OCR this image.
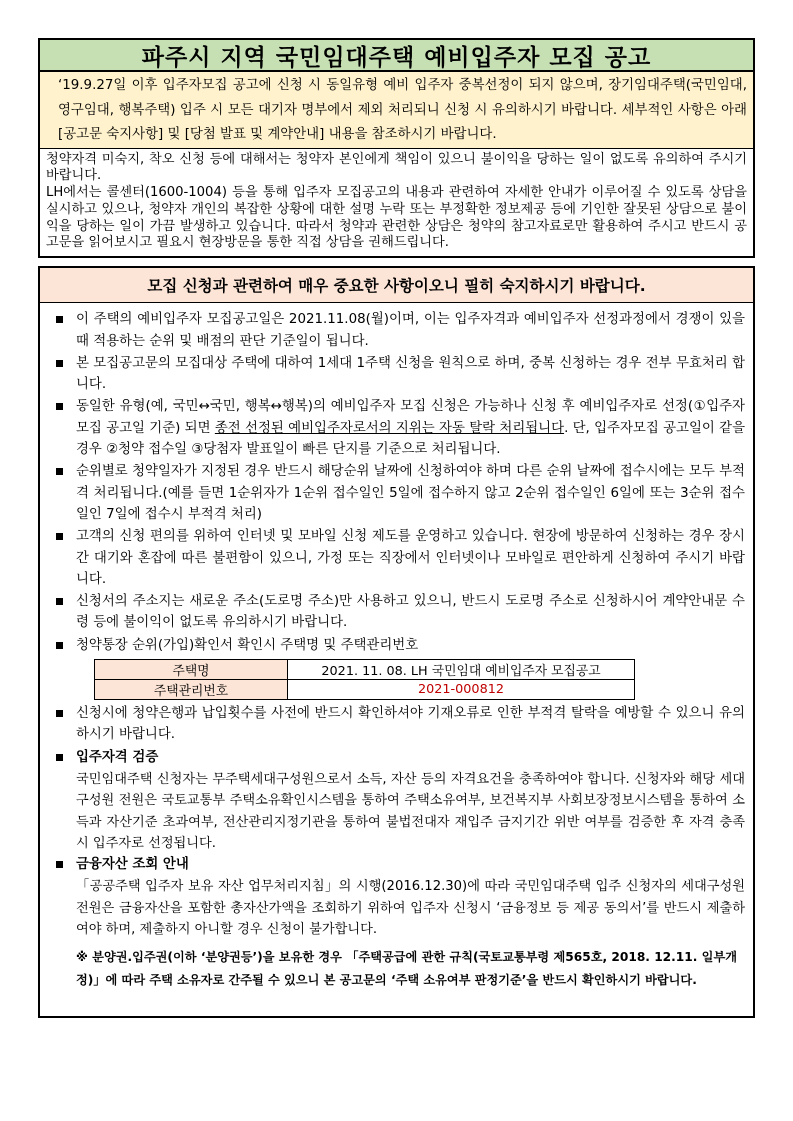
파주시 지역 국민임대주택 예비입주자 모집 공고
‘19.9.27일 이후 입주자모집 공고에 신청 시 동일유형 예비 입주자 중복선정이 되지 않으며, 장기임대주택(국민임대, 영구임대, 행복주택) 입주 시 모든 대기자 명부에서 제외 처리되니 신청 시 유의하시기 바랍니다. 세부적인 사항은 아래 [공고문 숙지사항] 및 [당첨 발표 및 계약안내] 내용을 참조하시기 바랍니다.
청약자격 미숙지, 착오 신청 등에 대해서는 청약자 본인에게 책임이 있으니 불이익을 당하는 일이 없도록 유의하여 주시기 바랍니다.
LH에서는 콜센터(1600-1004) 등을 통해 입주자 모집공고의 내용과 관련하여 자세한 안내가 이루어질 수 있도록 상담을 실시하고 있으나, 청약자 개인의 복잡한 상황에 대한 설명 누락 또는 부정확한 정보제공 등에 기인한 잘못된 상담으로 불이익을 당하는 일이 가끔 발생하고 있습니다. 따라서 청약과 관련한 상담은 청약의 참고자료로만 활용하여 주시고 반드시 공고문을 읽어보시고 필요시 현장방문을 통한 직접 상담을 권해드립니다.
모집 신청과 관련하여 매우 중요한 사항이오니 필히 숙지하시기 바랍니다.
이 주택의 예비입주자 모집공고일은 2021.11.08(월)이며, 이는 입주자격과 예비입주자 선정과정에서 경쟁이 있을 때 적용하는 순위 및 배점의 판단 기준일이 됩니다.
본 모집공고문의 모집대상 주택에 대하여 1세대 1주택 신청을 원칙으로 하며, 중복 신청하는 경우 전부 무효처리 합니다.
동일한 유형(예, 국민↔국민, 행복↔행복)의 예비입주자 모집 신청은 가능하나 신청 후 예비입주자로 선정(①입주자모집 공고일 기준) 되면 종전 선정된 예비입주자로서의 지위는 자동 탈락 처리됩니다. 단, 입주자모집 공고일이 같을 경우 ②청약 접수일 ③당첨자 발표일이 빠른 단지를 기준으로 처리됩니다.
순위별로 청약일자가 지정된 경우 반드시 해당순위 날짜에 신청하여야 하며 다른 순위 날짜에 접수시에는 모두 부적격 처리됩니다.(예를 들면 1순위자가 1순위 접수일인 5일에 접수하지 않고 2순위 접수일인 6일에 또는 3순위 접수일인 7일에 접수시 부적격 처리)
고객의 신청 편의를 위하여 인터넷 및 모바일 신청 제도를 운영하고 있습니다. 현장에 방문하여 신청하는 경우 장시간 대기와 혼잡에 따른 불편함이 있으니, 가정 또는 직장에서 인터넷이나 모바일로 편안하게 신청하여 주시기 바랍니다.
신청서의 주소지는 새로운 주소(도로명 주소)만 사용하고 있으니, 반드시 도로명 주소로 신청하시어 계약안내문 수령 등에 불이익이 없도록 유의하시기 바랍니다.
청약통장 순위(가입)확인서 확인시 주택명 및 주택관리번호
주택명	2021. 11. 08. LH 국민임대 예비입주자 모집공고
주택관리번호	2021-000812
신청시에 청약은행과 납입횟수를 사전에 반드시 확인하셔야 기재오류로 인한 부적격 탈락을 예방할 수 있으니 유의하시기 바랍니다.
입주자격 검증
국민임대주택 신청자는 무주택세대구성원으로서 소득, 자산 등의 자격요건을 충족하여야 합니다. 신청자와 해당 세대구성원 전원은 국토교통부 주택소유확인시스템을 통하여 주택소유여부, 보건복지부 사회보장정보시스템을 통하여 소득과 자산기준 초과여부, 전산관리지정기관을 통하여 불법전대자 재입주 금지기간 위반 여부를 검증한 후 자격 충족시 입주자로 선정됩니다.
금융자산 조회 안내
「공공주택 입주자 보유 자산 업무처리지침」의 시행(2016.12.30)에 따라 국민임대주택 입주 신청자의 세대구성원 전원은 금융자산을 포함한 총자산가액을 조회하기 위하여 입주자 신청시 ‘금융정보 등 제공 동의서’를 반드시 제출하여야 하며, 제출하지 아니할 경우 신청이 불가합니다.
※ 분양권.입주권(이하 ‘분양권등’)을 보유한 경우 「주택공급에 관한 규칙(국토교통부령 제565호, 2018. 12.11. 일부개정)」에 따라 주택 소유자로 간주될 수 있으니 본 공고문의 ‘주택 소유여부 판정기준’을 반드시 확인하시기 바랍니다.
